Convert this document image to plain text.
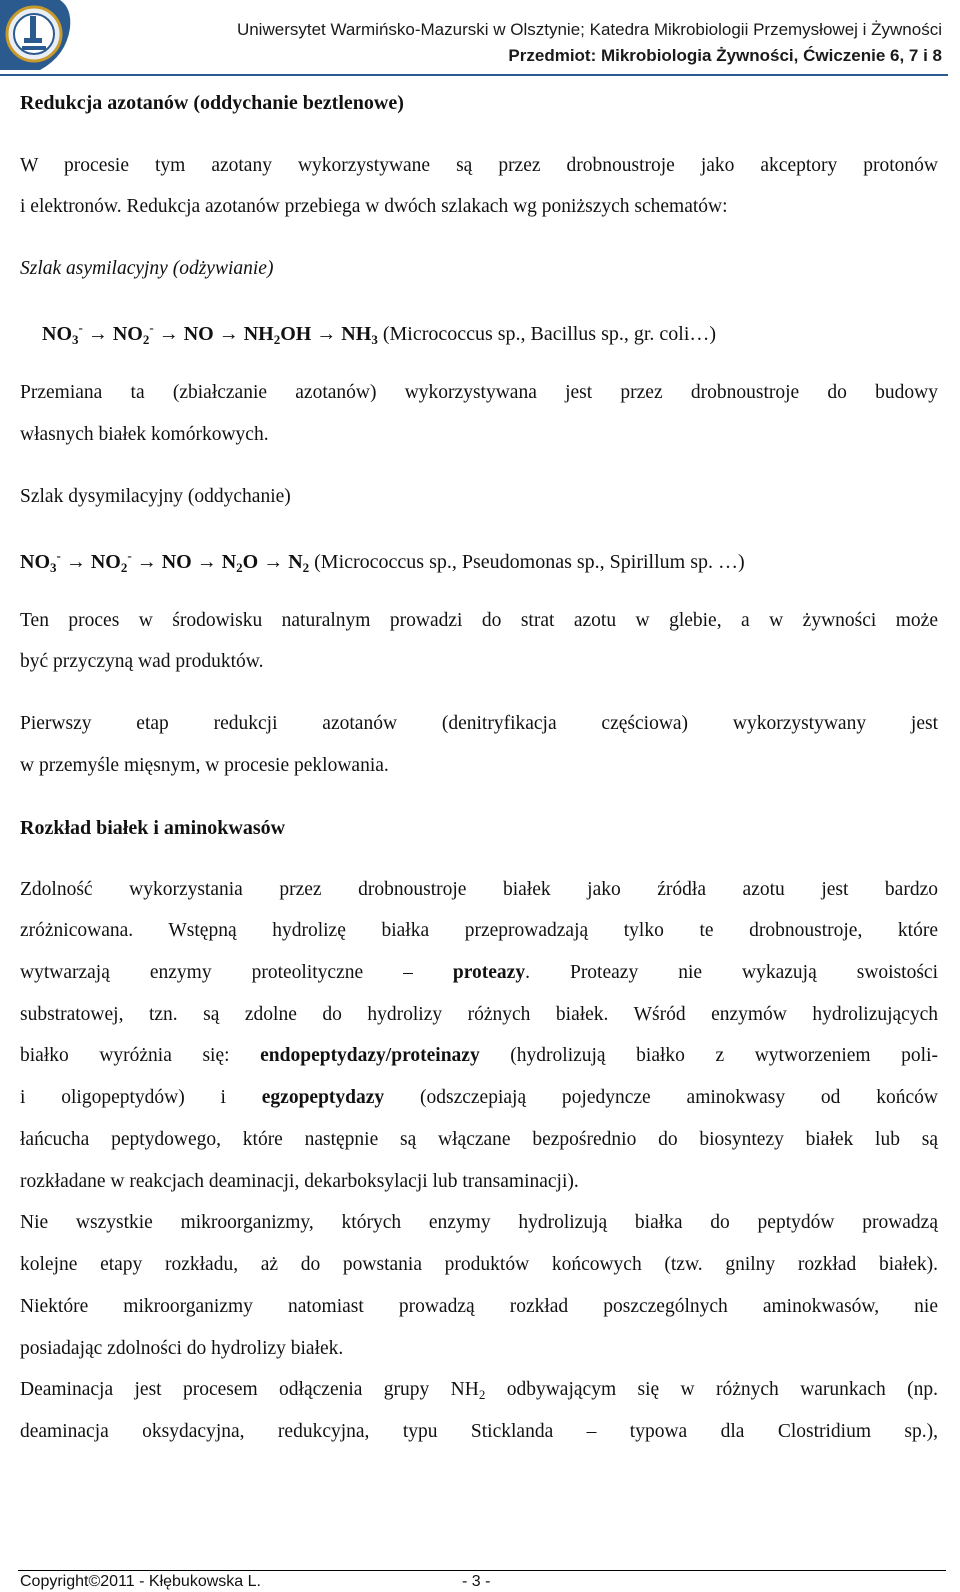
Uniwersytet Warmińsko-Mazurski w Olsztynie; Katedra Mikrobiologii Przemysłowej i Żywności
Przedmiot: Mikrobiologia Żywności, Ćwiczenie 6, 7 i 8
Redukcja azotanów (oddychanie beztlenowe)
W procesie tym azotany wykorzystywane są przez drobnoustroje jako akceptory protonów
i elektronów. Redukcja azotanów przebiega w dwóch szlakach wg poniższych schematów:
Szlak asymilacyjny (odżywianie)
$NO_3^- \to NO_2^-$ → NO → $NH_2OH \to NH_3$ (Micrococcus sp., Bacillus sp., gr. coli…)
Przemiana ta (zbiałczanie azotanów) wykorzystywana jest przez drobnoustroje do budowy
własnych białek komórkowych.
Szlak dysymilacyjny (oddychanie)
$NO_3^- \to NO_2^-$ → NO → $N_2O \to N_2$ (Micrococcus sp., Pseudomonas sp., Spirillum sp. …)
Ten proces w środowisku naturalnym prowadzi do strat azotu w glebie, a w żywności może
być przyczyną wad produktów.
Pierwszy etap redukcji azotanów (denitryfikacja częściowa) wykorzystywany jest
w przemyśle mięsnym, w procesie peklowania.
Rozkład białek i aminokwasów
Zdolność wykorzystania przez drobnoustroje białek jako źródła azotu jest bardzo
zróżnicowana. Wstępną hydrolizę białka przeprowadzają tylko te drobnoustroje, które
wytwarzają enzymy proteolityczne – proteazy. Proteazy nie wykazują swoistości
substratowej, tzn. są zdolne do hydrolizy różnych białek. Wśród enzymów hydrolizujących
białko wyróżnia się: endopeptydazy/proteinazy (hydrolizują białko z wytworzeniem poli-
i oligopeptydów) i egzopeptydazy (odszczepiają pojedyncze aminokwasy od końców
łańcucha peptydowego, które następnie są włączane bezpośrednio do biosyntezy białek lub są
rozkładane w reakcjach deaminacji, dekarboksylacji lub transaminacji).
Nie wszystkie mikroorganizmy, których enzymy hydrolizują białka do peptydów prowadzą
kolejne etapy rozkładu, aż do powstania produktów końcowych (tzw. gnilny rozkład białek).
Niektóre mikroorganizmy natomiast prowadzą rozkład poszczególnych aminokwasów, nie
posiadając zdolności do hydrolizy białek.
Deaminacja jest procesem odłączenia grupy $NH_2$ odbywającym się w różnych warunkach (np.
deaminacja oksydacyjna, redukcyjna, typu Sticklanda – typowa dla Clostridium sp.),
Copyright©2011 - Kłębukowska L.	- 3 -
